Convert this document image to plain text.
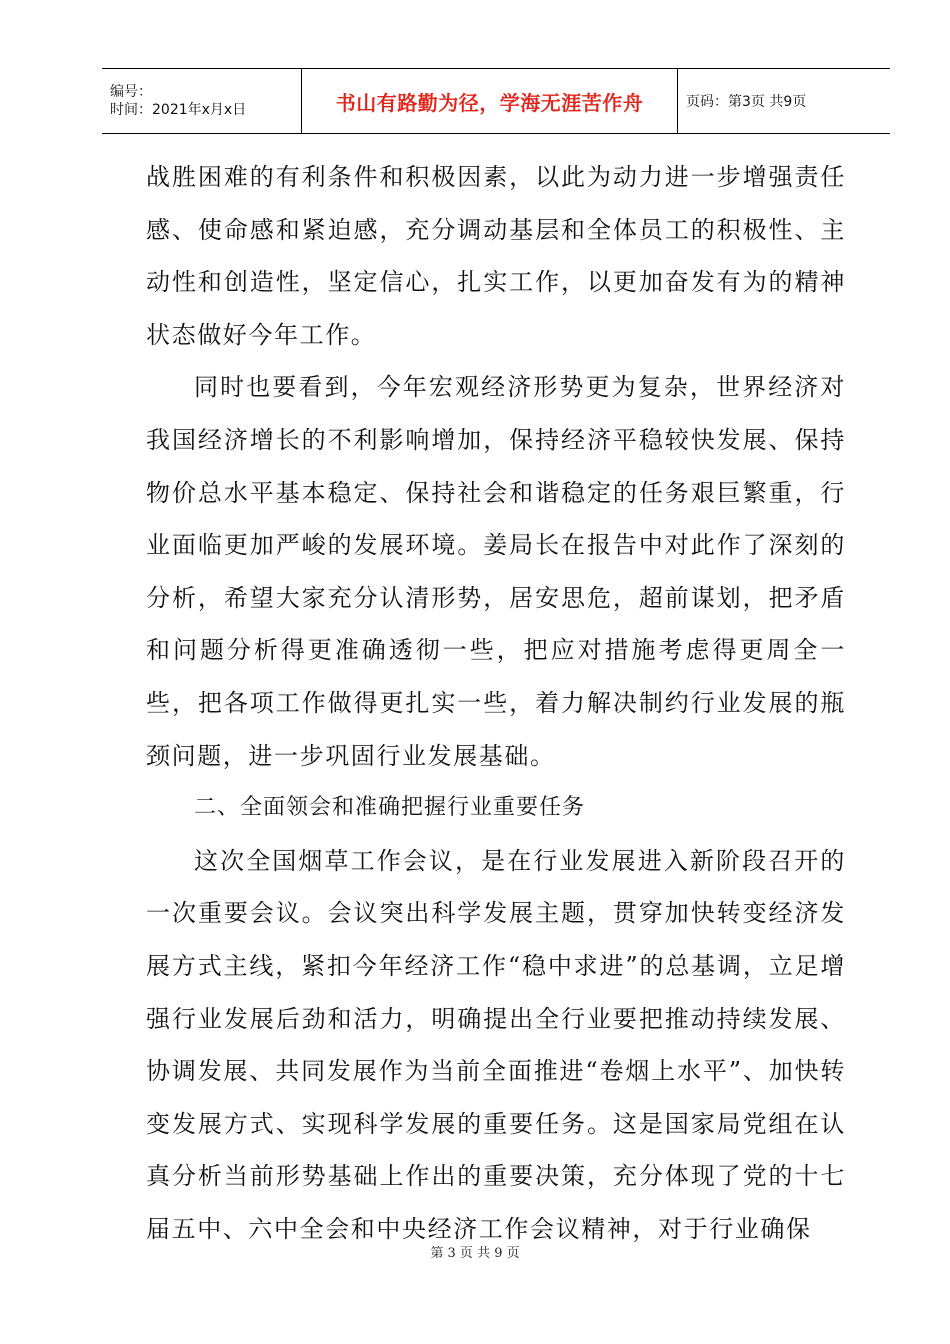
编号：
时间：2021年x月x日	书山有路勤为径，学海无涯苦作舟	页码：第3页 共9页

战胜困难的有利条件和积极因素，以此为动力进一步增强责任感、使命感和紧迫感，充分调动基层和全体员工的积极性、主动性和创造性，坚定信心，扎实工作，以更加奋发有为的精神状态做好今年工作。

同时也要看到，今年宏观经济形势更为复杂，世界经济对我国经济增长的不利影响增加，保持经济平稳较快发展、保持物价总水平基本稳定、保持社会和谐稳定的任务艰巨繁重，行业面临更加严峻的发展环境。姜局长在报告中对此作了深刻的分析，希望大家充分认清形势，居安思危，超前谋划，把矛盾和问题分析得更准确透彻一些，把应对措施考虑得更周全一些，把各项工作做得更扎实一些，着力解决制约行业发展的瓶颈问题，进一步巩固行业发展基础。

二、全面领会和准确把握行业重要任务

这次全国烟草工作会议，是在行业发展进入新阶段召开的一次重要会议。会议突出科学发展主题，贯穿加快转变经济发展方式主线，紧扣今年经济工作“稳中求进”的总基调，立足增强行业发展后劲和活力，明确提出全行业要把推动持续发展、协调发展、共同发展作为当前全面推进“卷烟上水平”、加快转变发展方式、实现科学发展的重要任务。这是国家局党组在认真分析当前形势基础上作出的重要决策，充分体现了党的十七届五中、六中全会和中央经济工作会议精神，对于行业确保

第 3 页 共 9 页
